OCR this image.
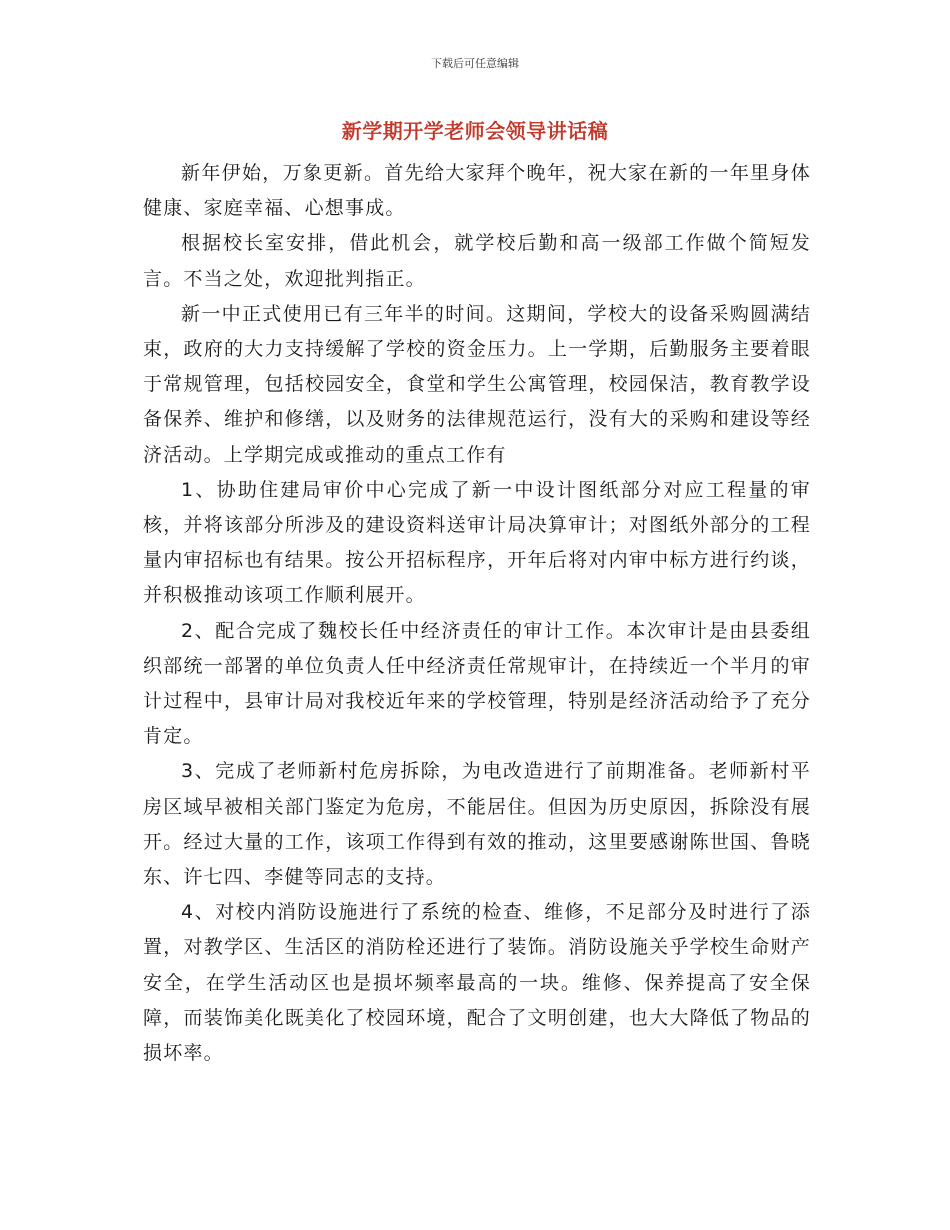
下载后可任意编辑
新学期开学老师会领导讲话稿

新年伊始，万象更新。首先给大家拜个晚年，祝大家在新的一年里身体健康、家庭幸福、心想事成。

根据校长室安排，借此机会，就学校后勤和高一级部工作做个简短发言。不当之处，欢迎批判指正。

新一中正式使用已有三年半的时间。这期间，学校大的设备采购圆满结束，政府的大力支持缓解了学校的资金压力。上一学期，后勤服务主要着眼于常规管理，包括校园安全，食堂和学生公寓管理，校园保洁，教育教学设备保养、维护和修缮，以及财务的法律规范运行，没有大的采购和建设等经济活动。上学期完成或推动的重点工作有

1、协助住建局审价中心完成了新一中设计图纸部分对应工程量的审核，并将该部分所涉及的建设资料送审计局决算审计；对图纸外部分的工程量内审招标也有结果。按公开招标程序，开年后将对内审中标方进行约谈，并积极推动该项工作顺利展开。

2、配合完成了魏校长任中经济责任的审计工作。本次审计是由县委组织部统一部署的单位负责人任中经济责任常规审计，在持续近一个半月的审计过程中，县审计局对我校近年来的学校管理，特别是经济活动给予了充分肯定。

3、完成了老师新村危房拆除，为电改造进行了前期准备。老师新村平房区域早被相关部门鉴定为危房，不能居住。但因为历史原因，拆除没有展开。经过大量的工作，该项工作得到有效的推动，这里要感谢陈世国、鲁晓东、许七四、李健等同志的支持。

4、对校内消防设施进行了系统的检查、维修，不足部分及时进行了添置，对教学区、生活区的消防栓还进行了装饰。消防设施关乎学校生命财产安全，在学生活动区也是损坏频率最高的一块。维修、保养提高了安全保障，而装饰美化既美化了校园环境，配合了文明创建，也大大降低了物品的损坏率。
